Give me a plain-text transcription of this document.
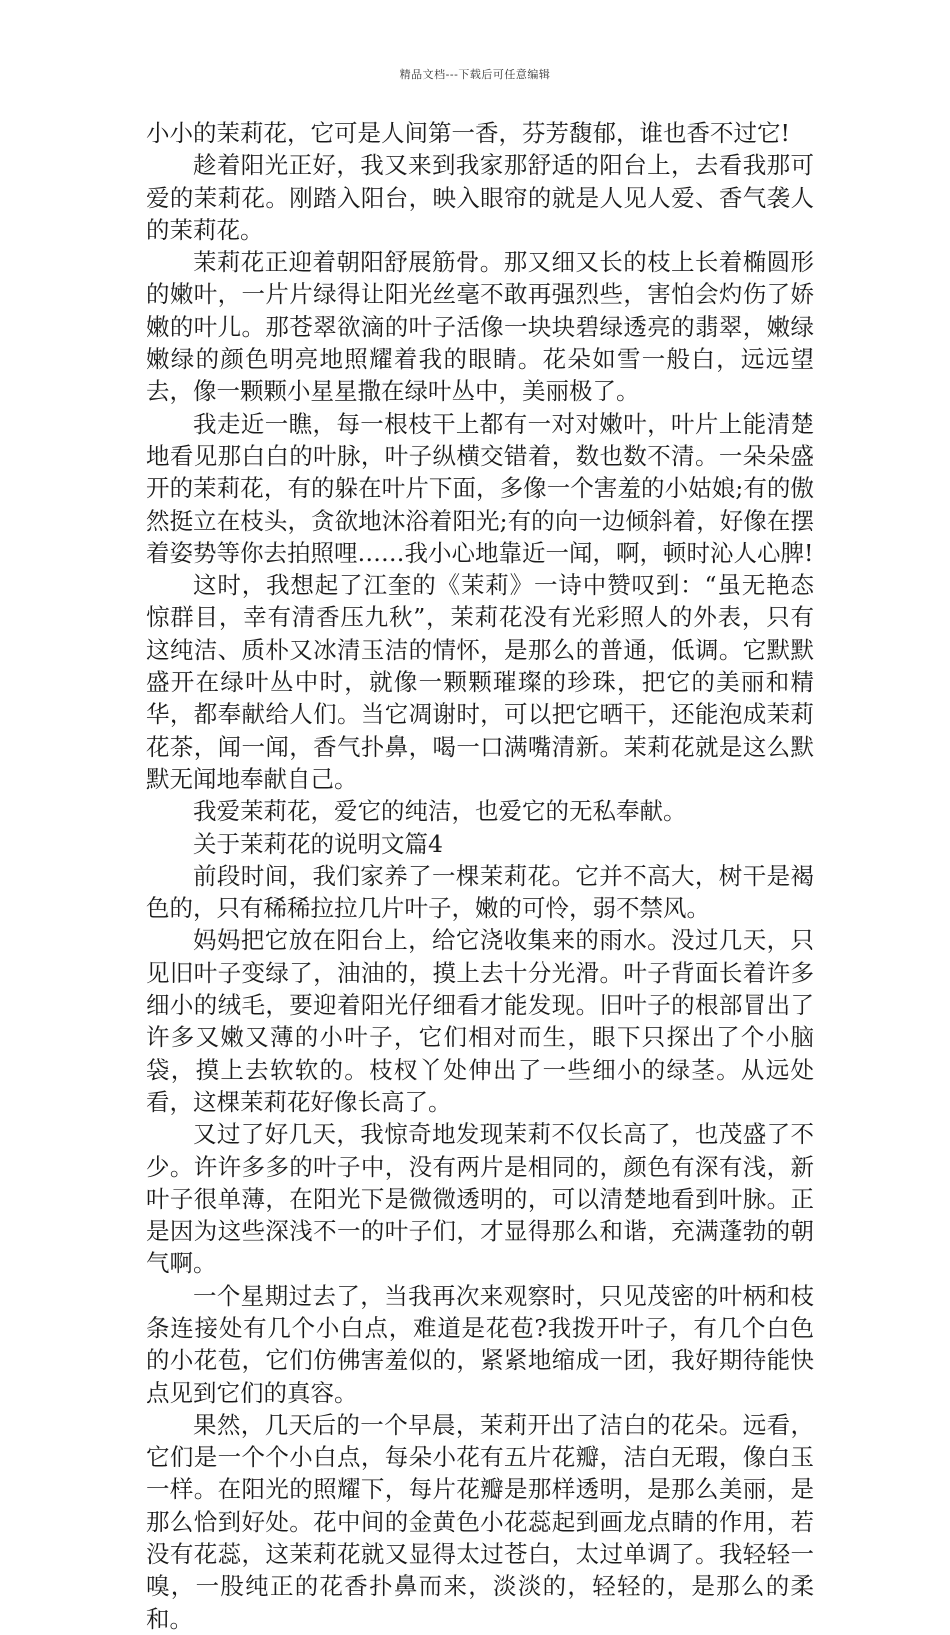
精品文档---下载后可任意编辑

小小的茉莉花，它可是人间第一香，芬芳馥郁，谁也香不过它!

趁着阳光正好，我又来到我家那舒适的阳台上，去看我那可爱的茉莉花。刚踏入阳台，映入眼帘的就是人见人爱、香气袭人的茉莉花。

茉莉花正迎着朝阳舒展筋骨。那又细又长的枝上长着椭圆形的嫩叶，一片片绿得让阳光丝毫不敢再强烈些，害怕会灼伤了娇嫩的叶儿。那苍翠欲滴的叶子活像一块块碧绿透亮的翡翠，嫩绿嫩绿的颜色明亮地照耀着我的眼睛。花朵如雪一般白，远远望去，像一颗颗小星星撒在绿叶丛中，美丽极了。

我走近一瞧，每一根枝干上都有一对对嫩叶，叶片上能清楚地看见那白白的叶脉，叶子纵横交错着，数也数不清。一朵朵盛开的茉莉花，有的躲在叶片下面，多像一个害羞的小姑娘;有的傲然挺立在枝头，贪欲地沐浴着阳光;有的向一边倾斜着，好像在摆着姿势等你去拍照哩……我小心地靠近一闻，啊，顿时沁人心脾!

这时，我想起了江奎的《茉莉》一诗中赞叹到：“虽无艳态惊群目，幸有清香压九秋”，茉莉花没有光彩照人的外表，只有这纯洁、质朴又冰清玉洁的情怀，是那么的普通，低调。它默默盛开在绿叶丛中时，就像一颗颗璀璨的珍珠，把它的美丽和精华，都奉献给人们。当它凋谢时，可以把它晒干，还能泡成茉莉花茶，闻一闻，香气扑鼻，喝一口满嘴清新。茉莉花就是这么默默无闻地奉献自己。

我爱茉莉花，爱它的纯洁，也爱它的无私奉献。

关于茉莉花的说明文篇4

前段时间，我们家养了一棵茉莉花。它并不高大，树干是褐色的，只有稀稀拉拉几片叶子，嫩的可怜，弱不禁风。

妈妈把它放在阳台上，给它浇收集来的雨水。没过几天，只见旧叶子变绿了，油油的，摸上去十分光滑。叶子背面长着许多细小的绒毛，要迎着阳光仔细看才能发现。旧叶子的根部冒出了许多又嫩又薄的小叶子，它们相对而生，眼下只探出了个小脑袋，摸上去软软的。枝杈丫处伸出了一些细小的绿茎。从远处看，这棵茉莉花好像长高了。

又过了好几天，我惊奇地发现茉莉不仅长高了，也茂盛了不少。许许多多的叶子中，没有两片是相同的，颜色有深有浅，新叶子很单薄，在阳光下是微微透明的，可以清楚地看到叶脉。正是因为这些深浅不一的叶子们，才显得那么和谐，充满蓬勃的朝气啊。

一个星期过去了，当我再次来观察时，只见茂密的叶柄和枝条连接处有几个小白点，难道是花苞?我拨开叶子，有几个白色的小花苞，它们仿佛害羞似的，紧紧地缩成一团，我好期待能快点见到它们的真容。

果然，几天后的一个早晨，茉莉开出了洁白的花朵。远看，它们是一个个小白点，每朵小花有五片花瓣，洁白无瑕，像白玉一样。在阳光的照耀下，每片花瓣是那样透明，是那么美丽，是那么恰到好处。花中间的金黄色小花蕊起到画龙点睛的作用，若没有花蕊，这茉莉花就又显得太过苍白，太过单调了。我轻轻一嗅，一股纯正的花香扑鼻而来，淡淡的，轻轻的，是那么的柔和。
